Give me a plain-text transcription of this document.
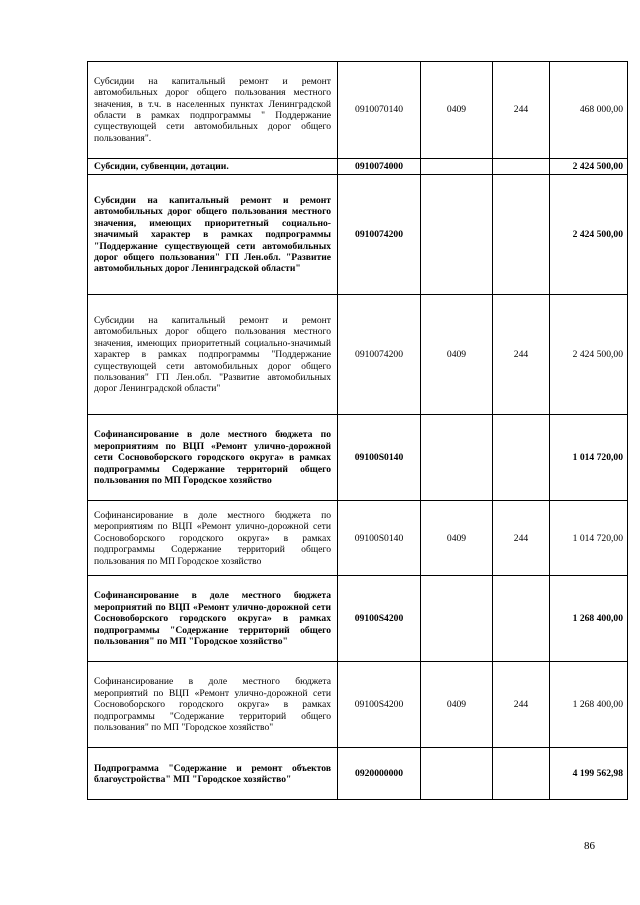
Субсидии на капитальный ремонт и ремонт автомобильных дорог общего пользования местного значения, в т.ч. в населенных пунктах Ленинградской области в рамках подпрограммы " Поддержание существующей сети автомобильных дорог общего пользования".	0910070140	0409	244	468 000,00
Субсидии, субвенции, дотации.	0910074000			2 424 500,00
Субсидии на капитальный ремонт и ремонт автомобильных дорог общего пользования местного значения, имеющих приоритетный социально-значимый характер в рамках подпрограммы "Поддержание существующей сети автомобильных дорог общего пользования" ГП Лен.обл. "Развитие автомобильных дорог Ленинградской области"	0910074200			2 424 500,00
Субсидии на капитальный ремонт и ремонт автомобильных дорог общего пользования местного значения, имеющих приоритетный социально-значимый характер в рамках подпрограммы "Поддержание существующей сети автомобильных дорог общего пользования" ГП Лен.обл. "Развитие автомобильных дорог Ленинградской области"	0910074200	0409	244	2 424 500,00
Софинансирование в доле местного бюджета по мероприятиям по ВЦП «Ремонт улично-дорожной сети Сосновоборского городского округа» в рамках подпрограммы Содержание территорий общего пользования по МП Городское хозяйство	09100S0140			1 014 720,00
Софинансирование в доле местного бюджета по мероприятиям по ВЦП «Ремонт улично-дорожной сети Сосновоборского городского округа» в рамках подпрограммы Содержание территорий общего пользования по МП Городское хозяйство	09100S0140	0409	244	1 014 720,00
Софинансирование в доле местного бюджета мероприятий по ВЦП «Ремонт улично-дорожной сети Сосновоборского городского округа» в рамках подпрограммы "Содержание территорий общего пользования" по МП "Городское хозяйство"	09100S4200			1 268 400,00
Софинансирование в доле местного бюджета мероприятий по ВЦП «Ремонт улично-дорожной сети Сосновоборского городского округа» в рамках подпрограммы "Содержание территорий общего пользования" по МП "Городское хозяйство"	09100S4200	0409	244	1 268 400,00
Подпрограмма "Содержание и ремонт объектов благоустройства" МП "Городское хозяйство"	0920000000			4 199 562,98
86
